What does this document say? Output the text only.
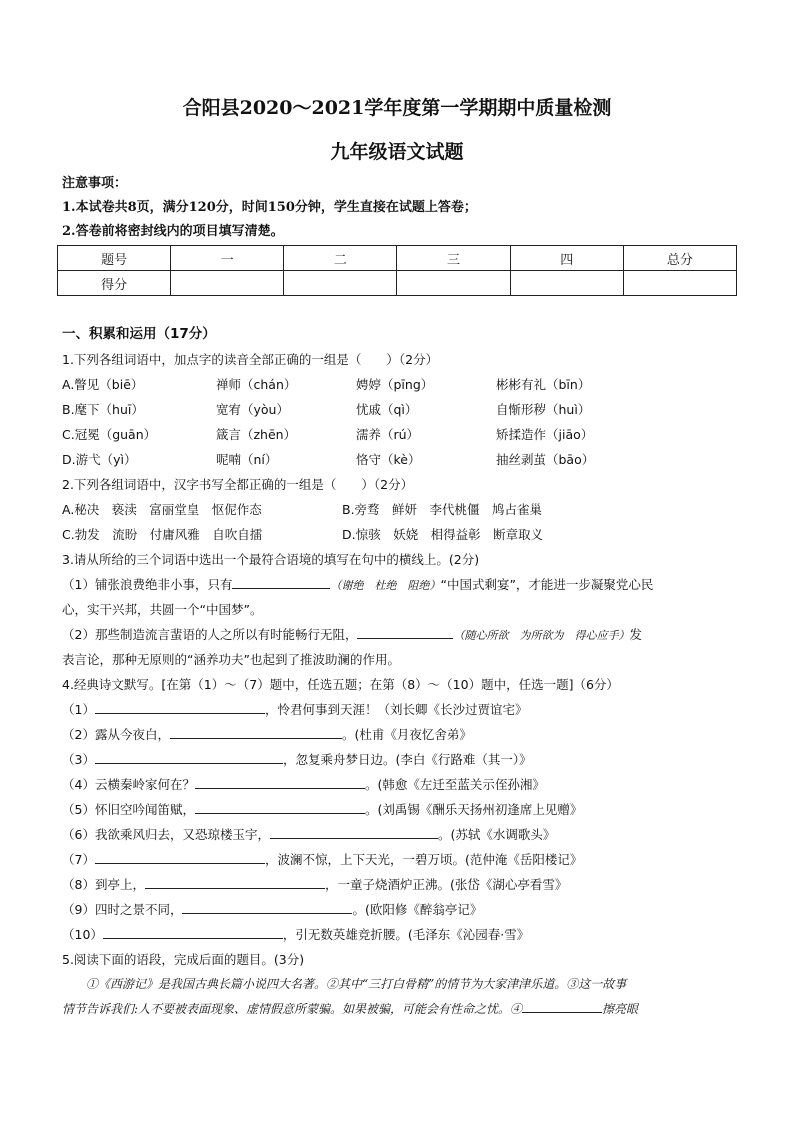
合阳县2020～2021学年度第一学期期中质量检测
九年级语文试题
注意事项：
1.本试卷共8页，满分120分，时间150分钟，学生直接在试题上答卷；
2.答卷前将密封线内的项目填写清楚。
题号	一	二	三	四	总分
得分					
一、积累和运用（17分）
1.下列各组词语中，加点字的读音全部正确的一组是（　　）（2分）
A.瞥见（biē）	禅师（chán）	娉婷（pīng）	彬彬有礼（bīn）
B.麾下（huī）	宽宥（yòu）	忧戚（qì）	自惭形秽（huì）
C.冠冕（guān）	箴言（zhēn）	濡养（rú）	矫揉造作（jiāo）
D.游弋（yì）	呢喃（ní）	恪守（kè）	抽丝剥茧（bāo）
2.下列各组词语中，汉字书写全都正确的一组是（　　）（2分）
A.秘决　亵渎　富丽堂皇　怄伲作态	B.旁骛　鲜妍　李代桃僵　鸠占雀巢
C.勃发　流盼　付庸风雅　自吹自擂	D.惊骇　妖娆　相得益彰　断章取义
3.请从所给的三个词语中选出一个最符合语境的填写在句中的横线上。(2分)
（1）铺张浪费绝非小事，只有	（谢绝　杜绝　阻绝）“中国式剩宴”，才能进一步凝聚党心民
心，实干兴邦，共圆一个“中国梦”。
（2）那些制造流言蜚语的人之所以有时能畅行无阻，	（随心所欲　为所欲为　得心应手）发
表言论，那种无原则的“涵养功夫”也起到了推波助澜的作用。
4.经典诗文默写。[在第（1）～（7）题中，任选五题；在第（8）～（10）题中，任选一题]（6分）
（1）	，怜君何事到天涯！（刘长卿《长沙过贾谊宅》
（2）露从今夜白，	。(杜甫《月夜忆舍弟》
（3）	，忽复乘舟梦日边。(李白《行路难（其一）》
（4）云横秦岭家何在？	。(韩愈《左迁至蓝关示侄孙湘》
（5）怀旧空吟闻笛赋，	。(刘禹锡《酬乐天扬州初逢席上见赠》
（6）我欲乘风归去，又恐琼楼玉宇，	。(苏轼《水调歌头》
（7）	，波澜不惊，上下天光，一碧万顷。(范仲淹《岳阳楼记》
（8）到亭上，	，一童子烧酒炉正沸。(张岱《湖心亭看雪》
（9）四时之景不同，	。(欧阳修《醉翁亭记》
（10）	，引无数英雄竞折腰。(毛泽东《沁园春·雪》
5.阅读下面的语段，完成后面的题目。(3分)
①《西游记》是我国古典长篇小说四大名著。②其中“三打白骨精”的情节为大家津津乐道。③这一故事
情节告诉我们:人不要被表面现象、虚情假意所蒙骗。如果被骗，可能会有性命之忧。④	擦亮眼
